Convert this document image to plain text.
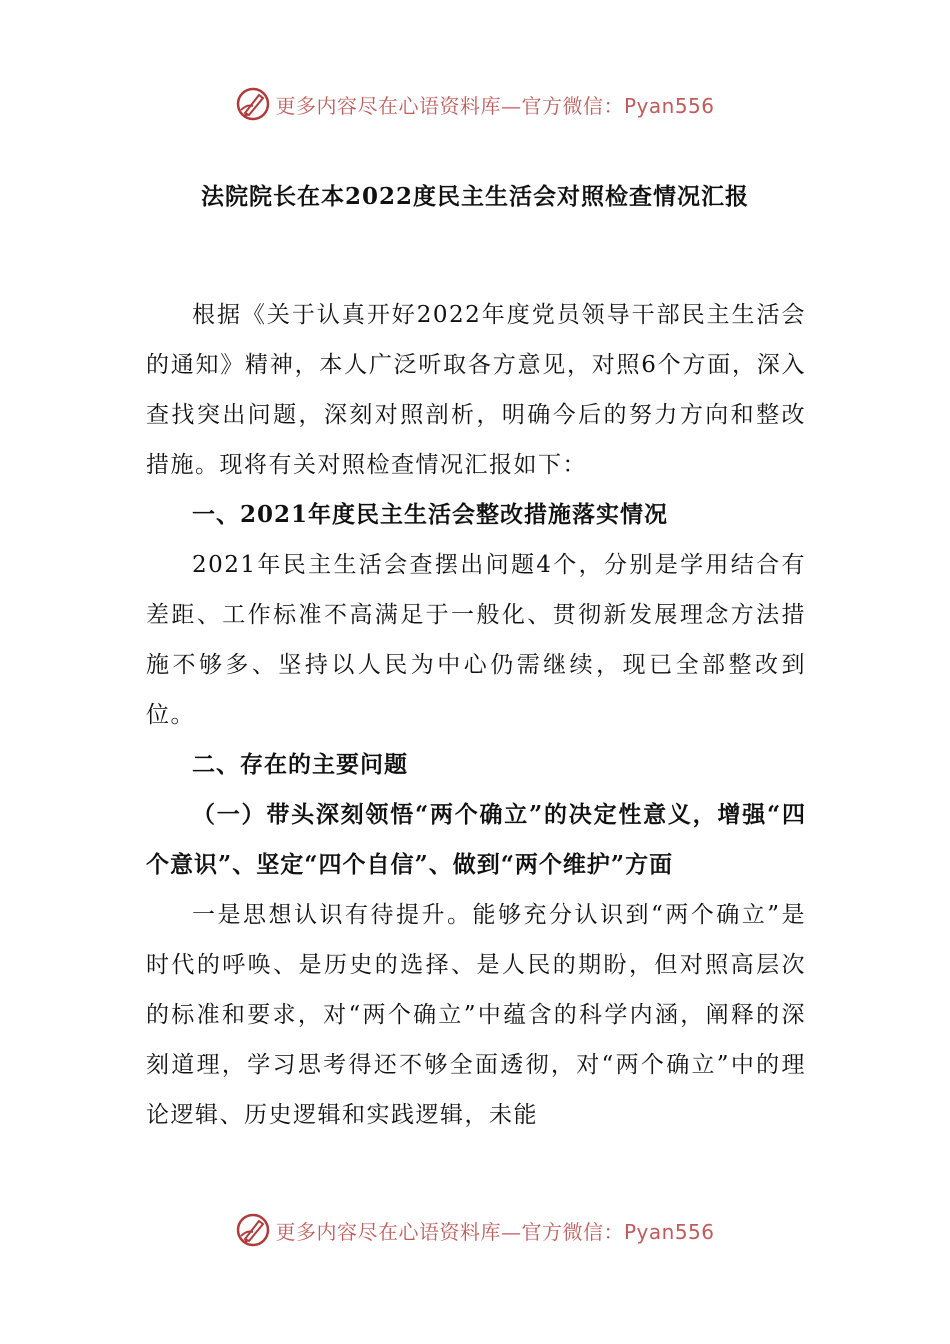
更多内容尽在心语资料库—官方微信：Pyan556
法院院长在本2022度民主生活会对照检查情况汇报

根据《关于认真开好2022年度党员领导干部民主生活会的通知》精神，本人广泛听取各方意见，对照6个方面，深入查找突出问题，深刻对照剖析，明确今后的努力方向和整改措施。现将有关对照检查情况汇报如下：

一、2021年度民主生活会整改措施落实情况

2021年民主生活会查摆出问题4个，分别是学用结合有差距、工作标准不高满足于一般化、贯彻新发展理念方法措施不够多、坚持以人民为中心仍需继续，现已全部整改到位。

二、存在的主要问题

（一）带头深刻领悟“两个确立”的决定性意义，增强“四个意识”、坚定“四个自信”、做到“两个维护”方面

一是思想认识有待提升。能够充分认识到“两个确立”是时代的呼唤、是历史的选择、是人民的期盼，但对照高层次的标准和要求，对“两个确立”中蕴含的科学内涵，阐释的深刻道理，学习思考得还不够全面透彻，对“两个确立”中的理论逻辑、历史逻辑和实践逻辑，未能

更多内容尽在心语资料库—官方微信：Pyan556
